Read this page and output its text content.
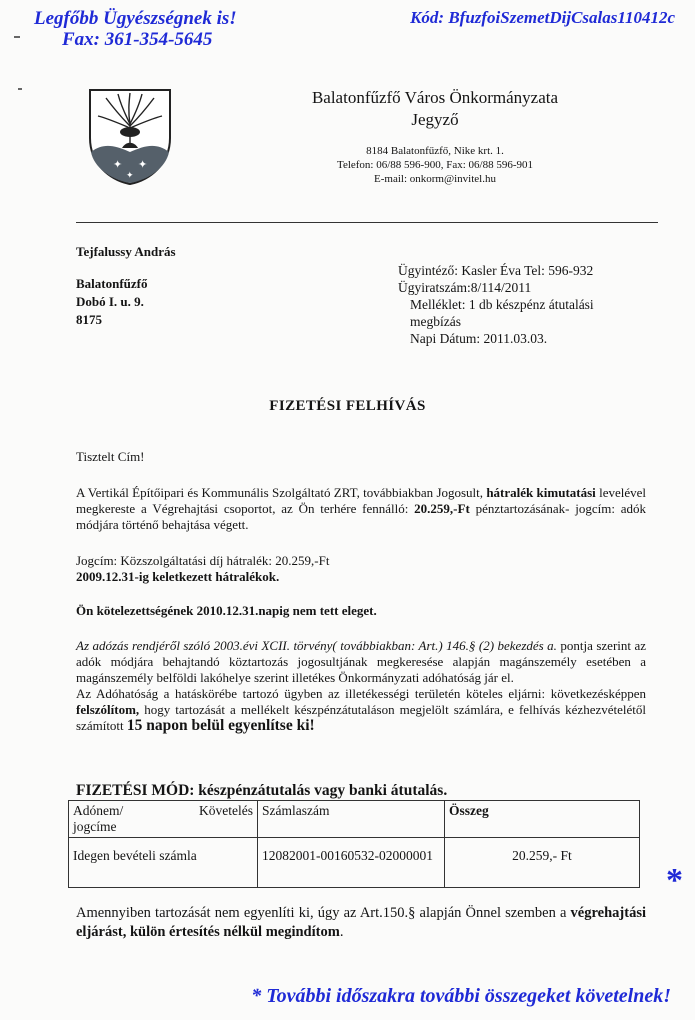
Legfőbb Ügyészségnek is!
Fax: 361-354-5645
Kód: BfuzfoiSzemetDijCsalas110412c
✦ ✦
✦
Balatonfűzfő Város Önkormányzata
Jegyző
8184 Balatonfűzfő, Nike krt. 1.
Telefon: 06/88 596-900, Fax: 06/88 596-901
E-mail: onkorm@invitel.hu
Tejfalussy András
Balatonfűzfő
Dobó I. u. 9.
8175
Ügyintéző: Kasler Éva Tel: 596-932
Ügyiratszám:8/114/2011
Melléklet: 1 db készpénz átutalási
megbízás
Napi Dátum: 2011.03.03.
FIZETÉSI FELHÍVÁS
Tisztelt Cím!
A Vertikál Építőipari és Kommunális Szolgáltató ZRT, továbbiakban Jogosult, hátralék kimutatási levelével megkereste a Végrehajtási csoportot, az Ön terhére fennálló: 20.259,-Ft pénztartozásának- jogcím: adók módjára történő behajtása végett.
Jogcím: Közszolgáltatási díj hátralék: 20.259,-Ft
2009.12.31-ig keletkezett hátralékok.
Ön kötelezettségének 2010.12.31.napig nem tett eleget.
Az adózás rendjéről szóló 2003.évi XCII. törvény( továbbiakban: Art.) 146.§ (2) bekezdés a. pontja szerint az adók módjára behajtandó köztartozás jogosultjának megkeresése alapján magánszemély esetében a magánszemély belföldi lakóhelye szerint illetékes Önkormányzati adóhatóság jár el.
Az Adóhatóság a hatáskörébe tartozó ügyben az illetékességi területén köteles eljárni: következésképpen felszólítom, hogy tartozását a mellékelt készpénzátutaláson megjelölt számlára, e felhívás kézhezvételétől számított 15 napon belül egyenlítse ki!
FIZETÉSI MÓD: készpénzátutalás vagy banki átutalás.
Adónem/ Követelés
jogcíme	Számlaszám	Összeg
Idegen bevételi számla	12082001-00160532-02000001	20.259,- Ft
*
Amennyiben tartozását nem egyenlíti ki, úgy az Art.150.§ alapján Önnel szemben a végrehajtási eljárást, külön értesítés nélkül megindítom.
* További időszakra további összegeket követelnek!
